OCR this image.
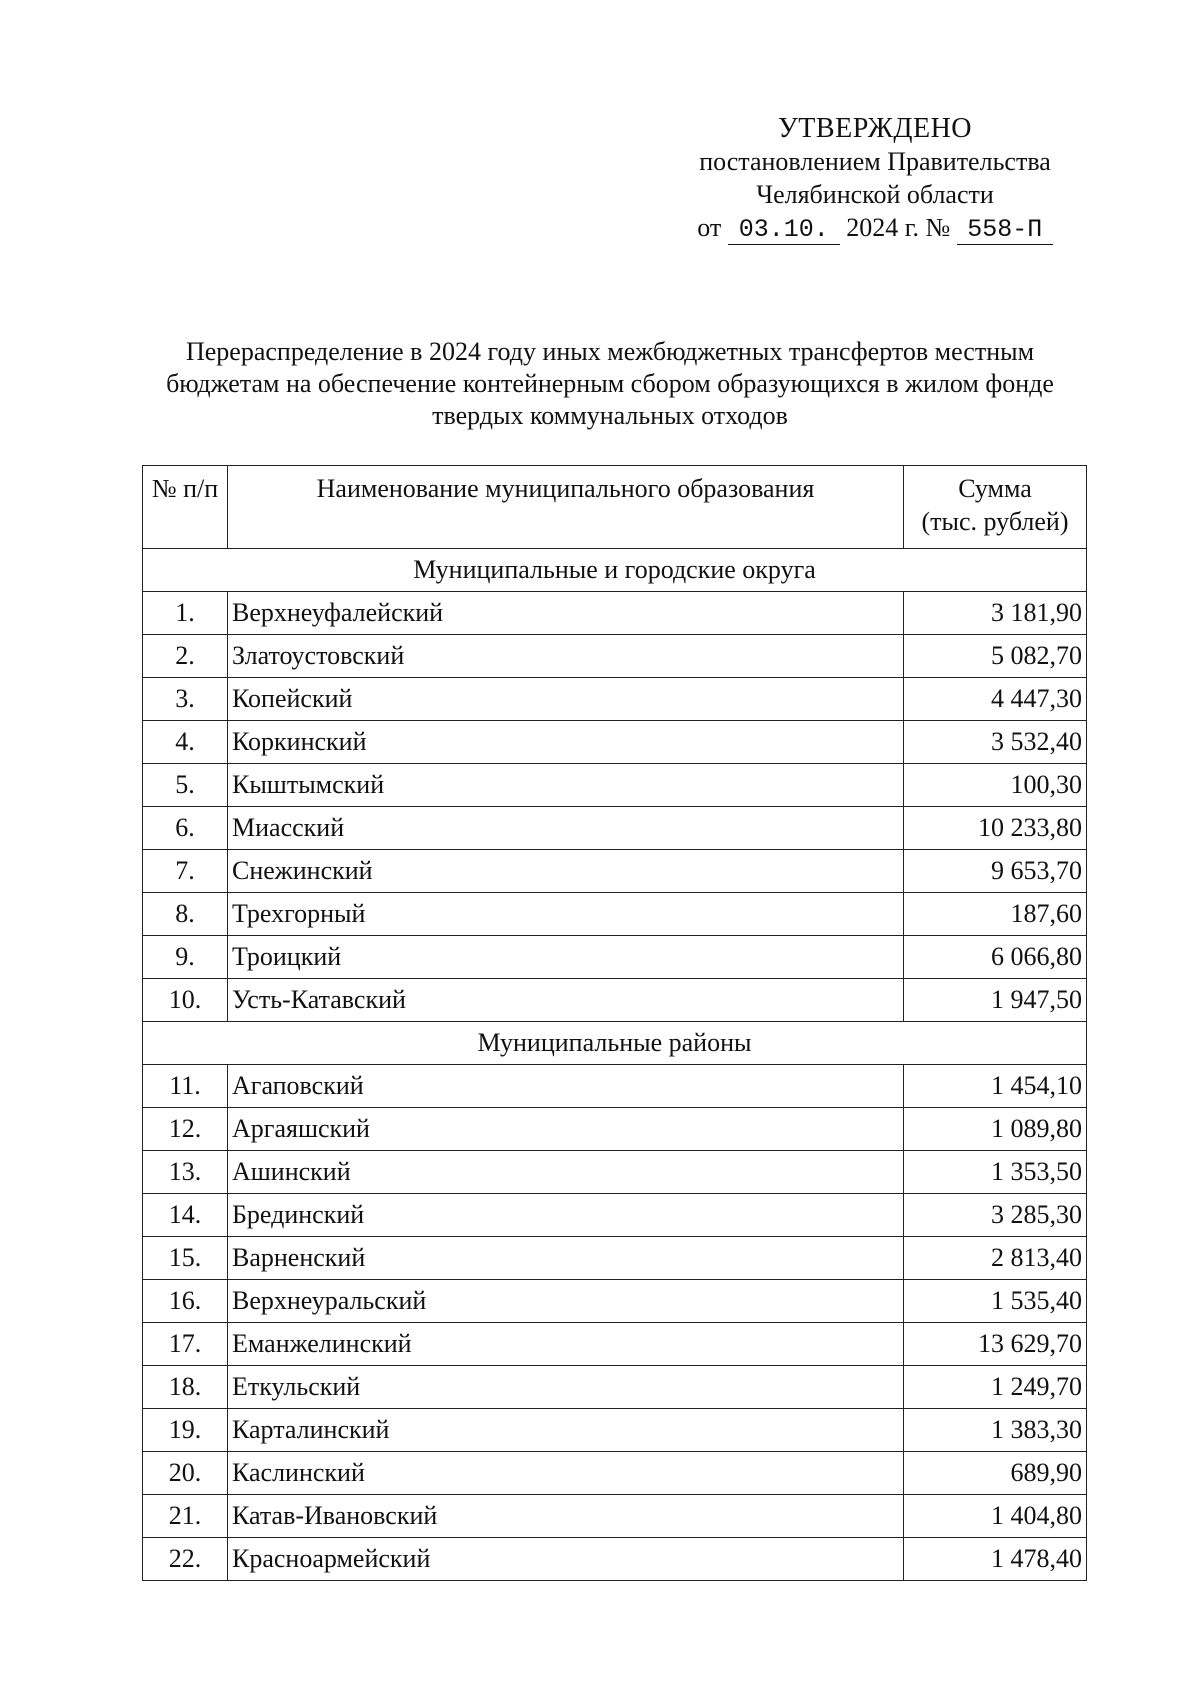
УТВЕРЖДЕНО
постановлением Правительства
Челябинской области
от 03.10. 2024 г. № 558-П
Перераспределение в 2024 году иных межбюджетных трансфертов местным
бюджетам на обеспечение контейнерным сбором образующихся в жилом фонде
твердых коммунальных отходов
№ п/п	Наименование муниципального образования	Сумма
(тыс. рублей)

Муниципальные и городские округа		
1.	Верхнеуфалейский	3 181,90
2.	Златоустовский	5 082,70
3.	Копейский	4 447,30
4.	Коркинский	3 532,40
5.	Кыштымский	100,30
6.	Миасский	10 233,80
7.	Снежинский	9 653,70
8.	Трехгорный	187,60
9.	Троицкий	6 066,80
10.	Усть-Катавский	1 947,50
Муниципальные районы		
11.	Агаповский	1 454,10
12.	Аргаяшский	1 089,80
13.	Ашинский	1 353,50
14.	Брединский	3 285,30
15.	Варненский	2 813,40
16.	Верхнеуральский	1 535,40
17.	Еманжелинский	13 629,70
18.	Еткульский	1 249,70
19.	Карталинский	1 383,30
20.	Каслинский	689,90
21.	Катав-Ивановский	1 404,80
22.	Красноармейский	1 478,40
